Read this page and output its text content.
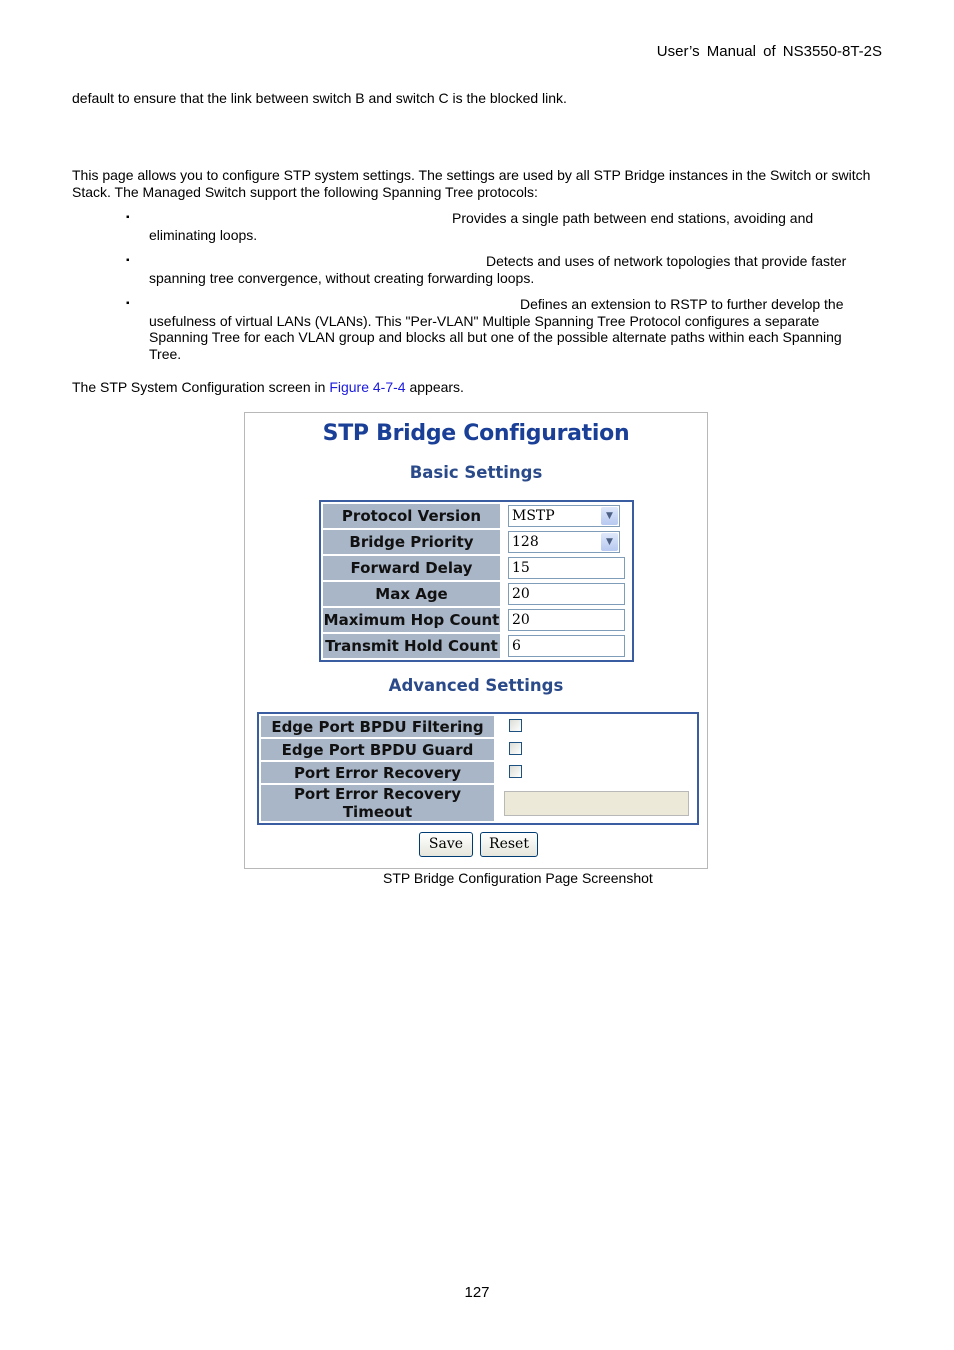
User’s Manual of NS3550-8T-2S
default to ensure that the link between switch B and switch C is the blocked link.
This page allows you to configure STP system settings. The settings are used by all STP Bridge instances in the Switch or switch Stack. The Managed Switch support the following Spanning Tree protocols:
▪	Provides a single path between end stations, avoiding and
eliminating loops.
▪	Detects and uses of network topologies that provide faster
spanning tree convergence, without creating forwarding loops.
▪	Defines an extension to RSTP to further develop the
usefulness of virtual LANs (VLANs). This "Per-VLAN" Multiple Spanning Tree Protocol configures a separate Spanning Tree for each VLAN group and blocks all but one of the possible alternate paths within each Spanning Tree.
The STP System Configuration screen in Figure 4-7-4 appears.
STP Bridge Configuration
Basic Settings
Protocol Version	MSTP ▼

Bridge Priority	128 ▼

Forward Delay	15

Max Age	20

Maximum Hop Count	20

Transmit Hold Count	6
Advanced Settings
Edge Port BPDU Filtering	

Edge Port BPDU Guard	

Port Error Recovery	

Port Error Recovery Timeout	
Save	Reset
STP Bridge Configuration Page Screenshot
127
